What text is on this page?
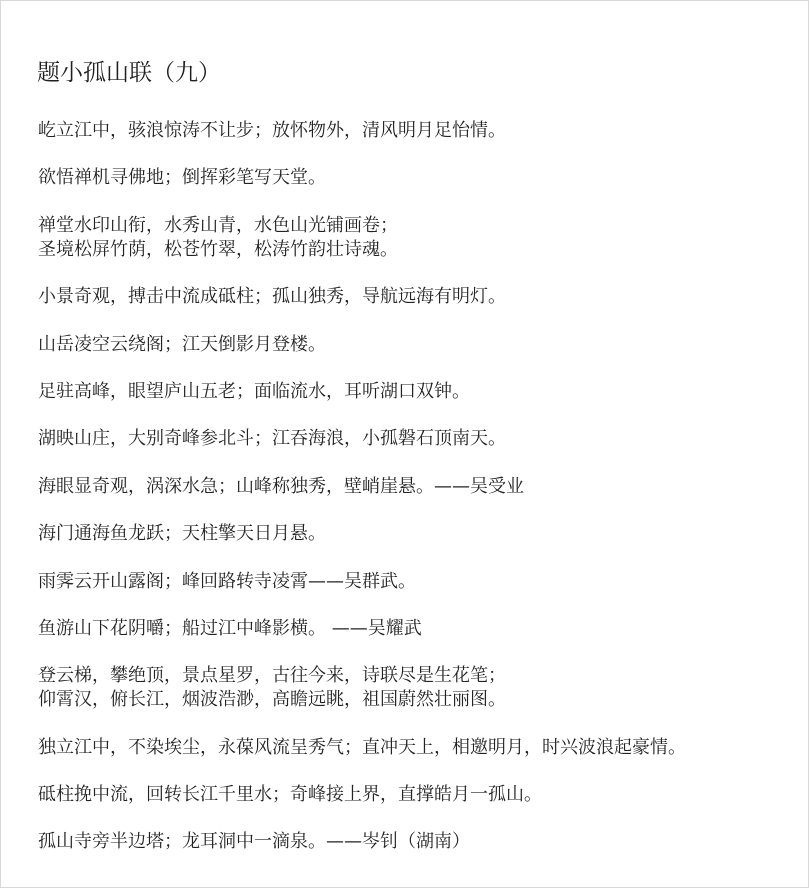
题小孤山联（九）
屹立江中，骇浪惊涛不让步；放怀物外，清风明月足怡情。
欲悟禅机寻佛地；倒挥彩笔写天堂。
禅堂水印山衔，水秀山青，水色山光铺画卷；
圣境松屏竹荫，松苍竹翠，松涛竹韵壮诗魂。
小景奇观，搏击中流成砥柱；孤山独秀，导航远海有明灯。
山岳凌空云绕阁；江天倒影月登楼。
足驻高峰，眼望庐山五老；面临流水，耳听湖口双钟。
湖映山庄，大别奇峰参北斗；江吞海浪，小孤磐石顶南天。
海眼显奇观，涡深水急；山峰称独秀，壁峭崖悬。——吴受业
海门通海鱼龙跃；天柱擎天日月悬。
雨霁云开山露阁；峰回路转寺凌霄——吴群武。
鱼游山下花阴嚼；船过江中峰影横。 ——吴耀武
登云梯，攀绝顶，景点星罗，古往今来，诗联尽是生花笔；
仰霄汉，俯长江，烟波浩渺，高瞻远眺，祖国蔚然壮丽图。
独立江中，不染埃尘，永葆风流呈秀气；直冲天上，相邀明月，时兴波浪起豪情。
砥柱挽中流，回转长江千里水；奇峰接上界，直撑皓月一孤山。
孤山寺旁半边塔；龙耳洞中一滴泉。——岑钊（湖南）
